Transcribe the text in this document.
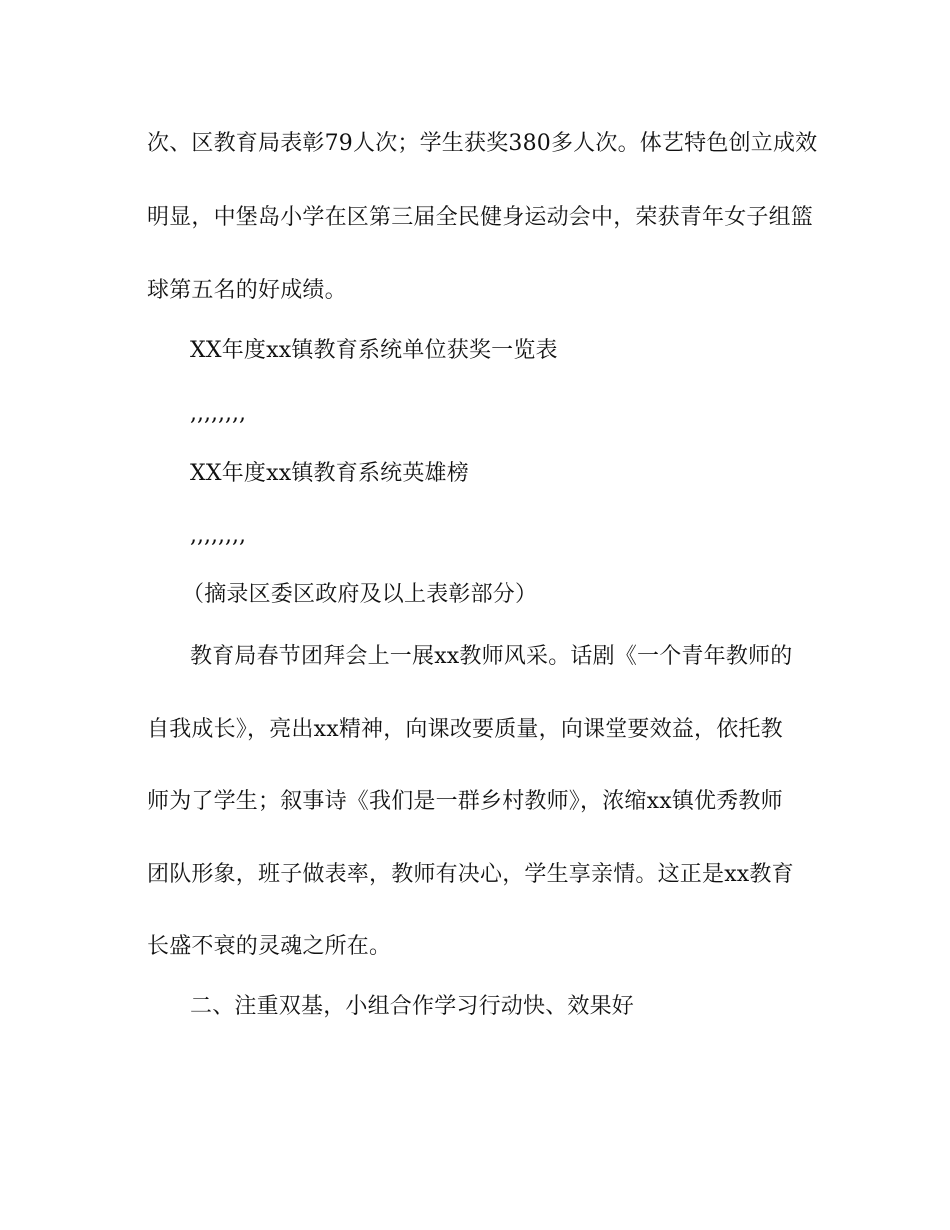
次、区教育局表彰79人次；学生获奖380多人次。体艺特色创立成效
明显，中堡岛小学在区第三届全民健身运动会中，荣获青年女子组篮
球第五名的好成绩。
XX年度xx镇教育系统单位获奖一览表
,,,,,,,,
XX年度xx镇教育系统英雄榜
,,,,,,,,
（摘录区委区政府及以上表彰部分）
教育局春节团拜会上一展xx教师风采。话剧《一个青年教师的
自我成长》，亮出xx精神，向课改要质量，向课堂要效益，依托教
师为了学生；叙事诗《我们是一群乡村教师》，浓缩xx镇优秀教师
团队形象，班子做表率，教师有决心，学生享亲情。这正是xx教育
长盛不衰的灵魂之所在。
二、注重双基，小组合作学习行动快、效果好
